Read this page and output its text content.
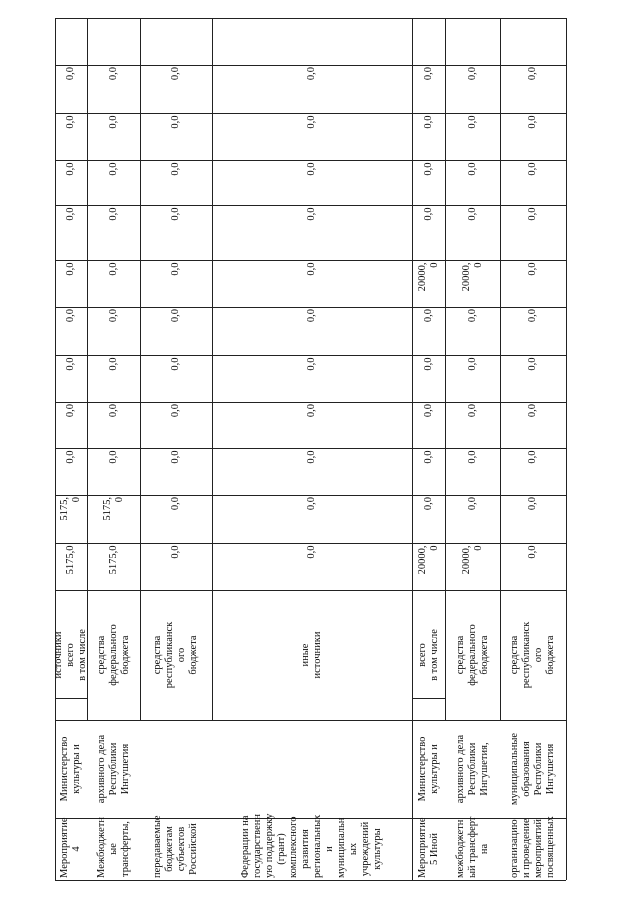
Мероприятие
4
Министерство
культуры и
источники
всего
в том числе
5175,0
5175,
0
0,0
0,0
0,0
0,0
0,0
0,0
0,0
0,0
0,0
Межбюджетн
ые
трансферты,
архивного дела
Республики
Ингушетия
средства
федерального
бюджета
5175,0
5175,
0
0,0
0,0
0,0
0,0
0,0
0,0
0,0
0,0
0,0
передаваемые
бюджетам
субъектов
Российской
средства
республиканск
ого
бюджета
0,0
0,0
0,0
0,0
0,0
0,0
0,0
0,0
0,0
0,0
0,0
Федерации на
государственн
ую поддержку
(грант)
комплексного
развития
региональных
и
муниципальн
ых
учреждений
культуры
иные
источники
0,0
0,0
0,0
0,0
0,0
0,0
0,0
0,0
0,0
0,0
0,0
Мероприятие
5 Иной
Министерство
культуры и
всего
в том числе
20000,
0
0,0
0,0
0,0
0,0
0,0
20000,
0
0,0
0,0
0,0
0,0
межбюджетн
ый трансферт
на
архивного дела
Республики
Ингушетия,
средства
федерального
бюджета
20000,
0
0,0
0,0
0,0
0,0
0,0
20000,
0
0,0
0,0
0,0
0,0
организацию
и проведение
мероприятий
посвященных
муниципальные
образования
Республики
Ингушетия
средства
республиканск
ого
бюджета
0,0
0,0
0,0
0,0
0,0
0,0
0,0
0,0
0,0
0,0
0,0
